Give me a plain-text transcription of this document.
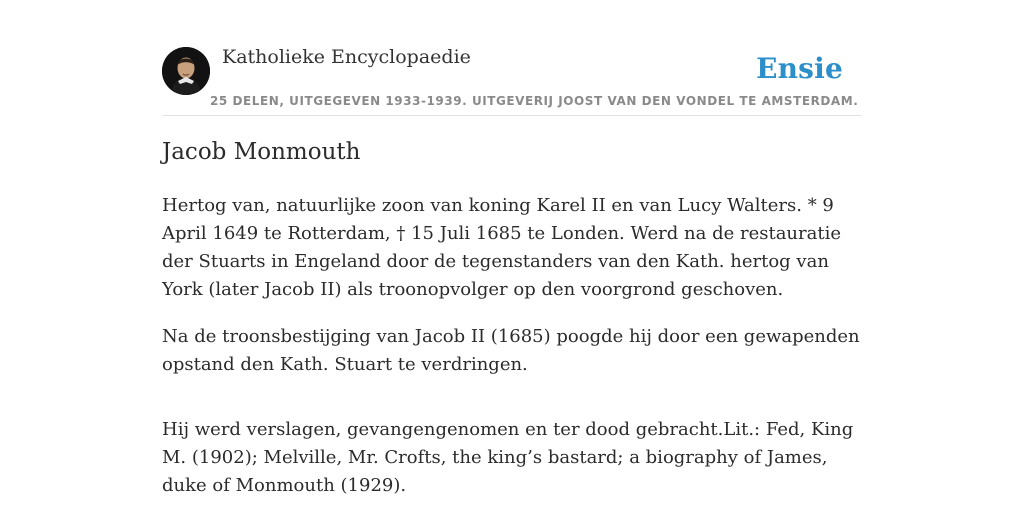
Katholieke Encyclopaedie	Ensie
25 DELEN, UITGEGEVEN 1933-1939. UITGEVERIJ JOOST VAN DEN VONDEL TE AMSTERDAM.
Jacob Monmouth

Hertog van, natuurlijke zoon van koning Karel II en van Lucy Walters. * 9 April 1649 te Rotterdam, † 15 Juli 1685 te Londen. Werd na de restauratie der Stuarts in Engeland door de tegenstanders van den Kath. hertog van York (later Jacob II) als troonopvolger op den voorgrond geschoven.

Na de troonsbestijging van Jacob II (1685) poogde hij door een gewapenden opstand den Kath. Stuart te verdringen.

Hij werd verslagen, gevangengenomen en ter dood gebracht.Lit.: Fed, King M. (1902); Melville, Mr. Crofts, the king’s bastard; a biography of James, duke of Monmouth (1929).
